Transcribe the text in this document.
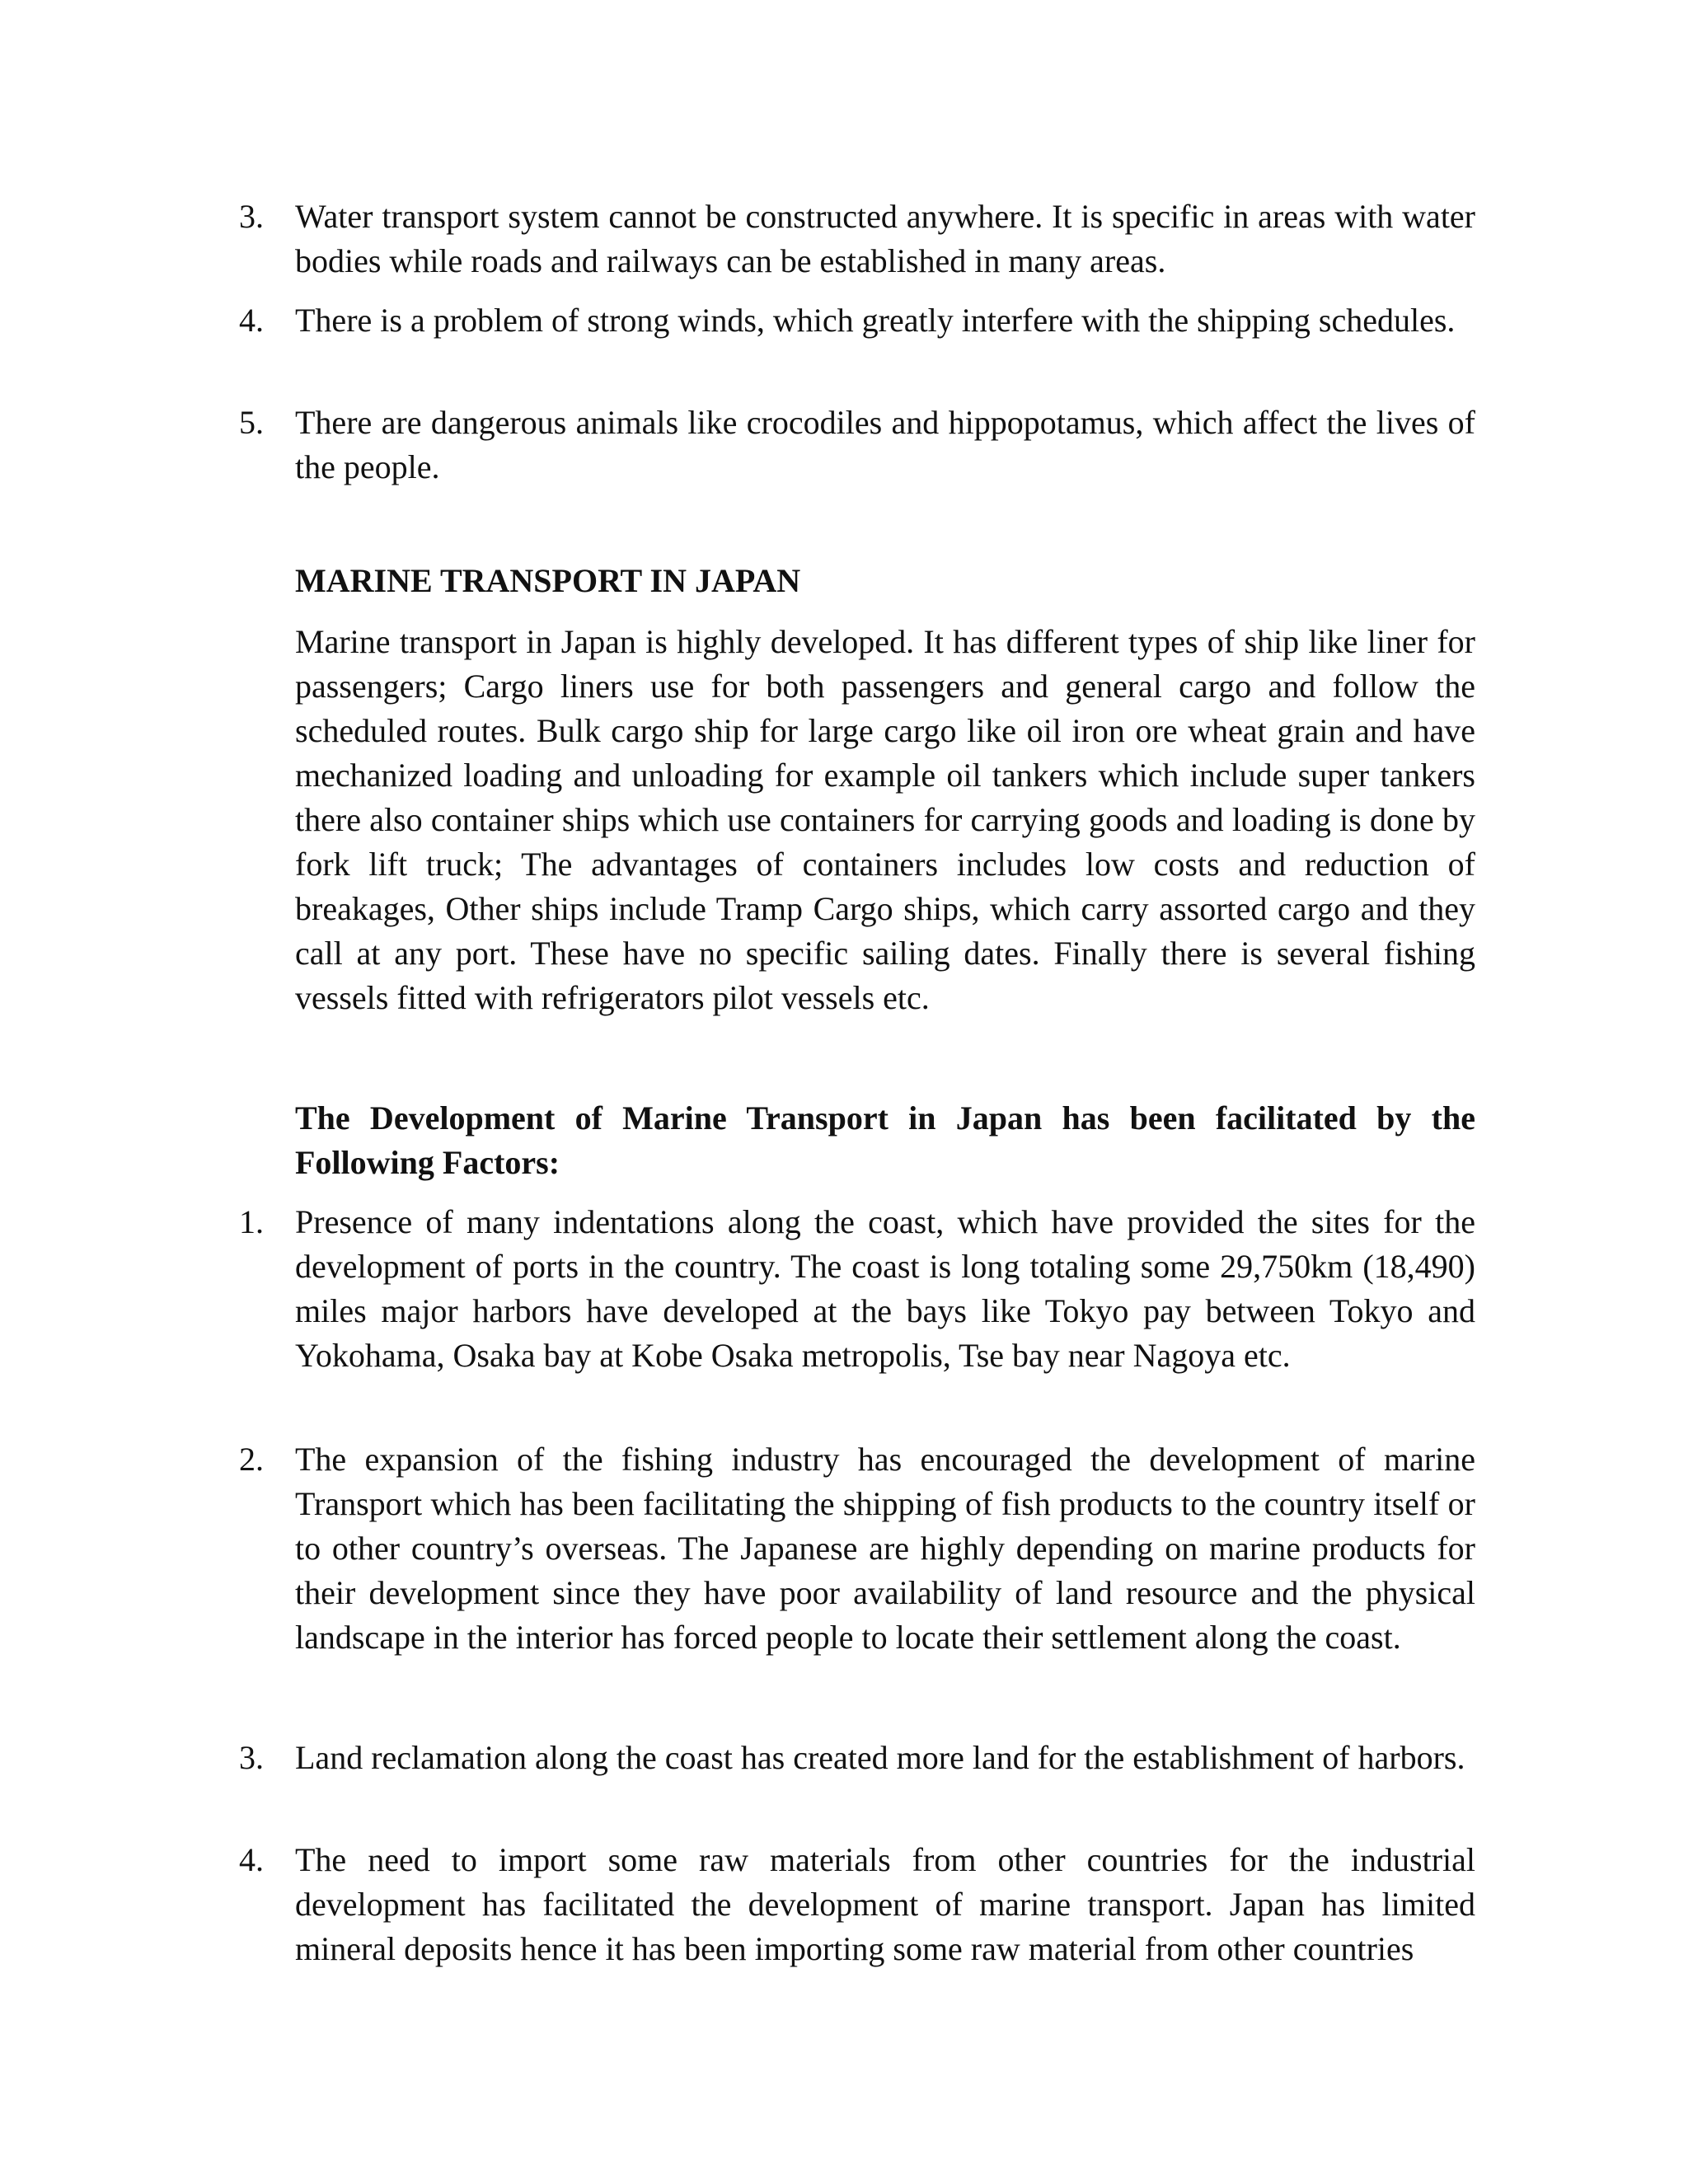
3. Water transport system cannot be constructed anywhere. It is specific in areas with water bodies while roads and railways can be established in many areas.
4. There is a problem of strong winds, which greatly interfere with the shipping schedules.
5. There are dangerous animals like crocodiles and hippopotamus, which affect the lives of the people.
MARINE TRANSPORT IN JAPAN
Marine transport in Japan is highly developed. It has different types of ship like liner for passengers; Cargo liners use for both passengers and general cargo and follow the scheduled routes. Bulk cargo ship for large cargo like oil iron ore wheat grain and have mechanized loading and unloading for example oil tankers which include super tankers there also container ships which use containers for carrying goods and loading is done by fork lift truck; The advantages of containers includes low costs and reduction of breakages, Other ships include Tramp Cargo ships, which carry assorted cargo and they call at any port. These have no specific sailing dates. Finally there is several fishing vessels fitted with refrigerators pilot vessels etc.
The Development of Marine Transport in Japan has been facilitated by the Following Factors:
1. Presence of many indentations along the coast, which have provided the sites for the development of ports in the country. The coast is long totaling some 29,750km (18,490) miles major harbors have developed at the bays like Tokyo pay between Tokyo and Yokohama, Osaka bay at Kobe Osaka metropolis, Tse bay near Nagoya etc.
2. The expansion of the fishing industry has encouraged the development of marine Transport which has been facilitating the shipping of fish products to the country itself or to other country’s overseas. The Japanese are highly depending on marine products for their development since they have poor availability of land resource and the physical landscape in the interior has forced people to locate their settlement along the coast.
3. Land reclamation along the coast has created more land for the establishment of harbors.
4. The need to import some raw materials from other countries for the industrial development has facilitated the development of marine transport. Japan has limited mineral deposits hence it has been importing some raw material from other countries
